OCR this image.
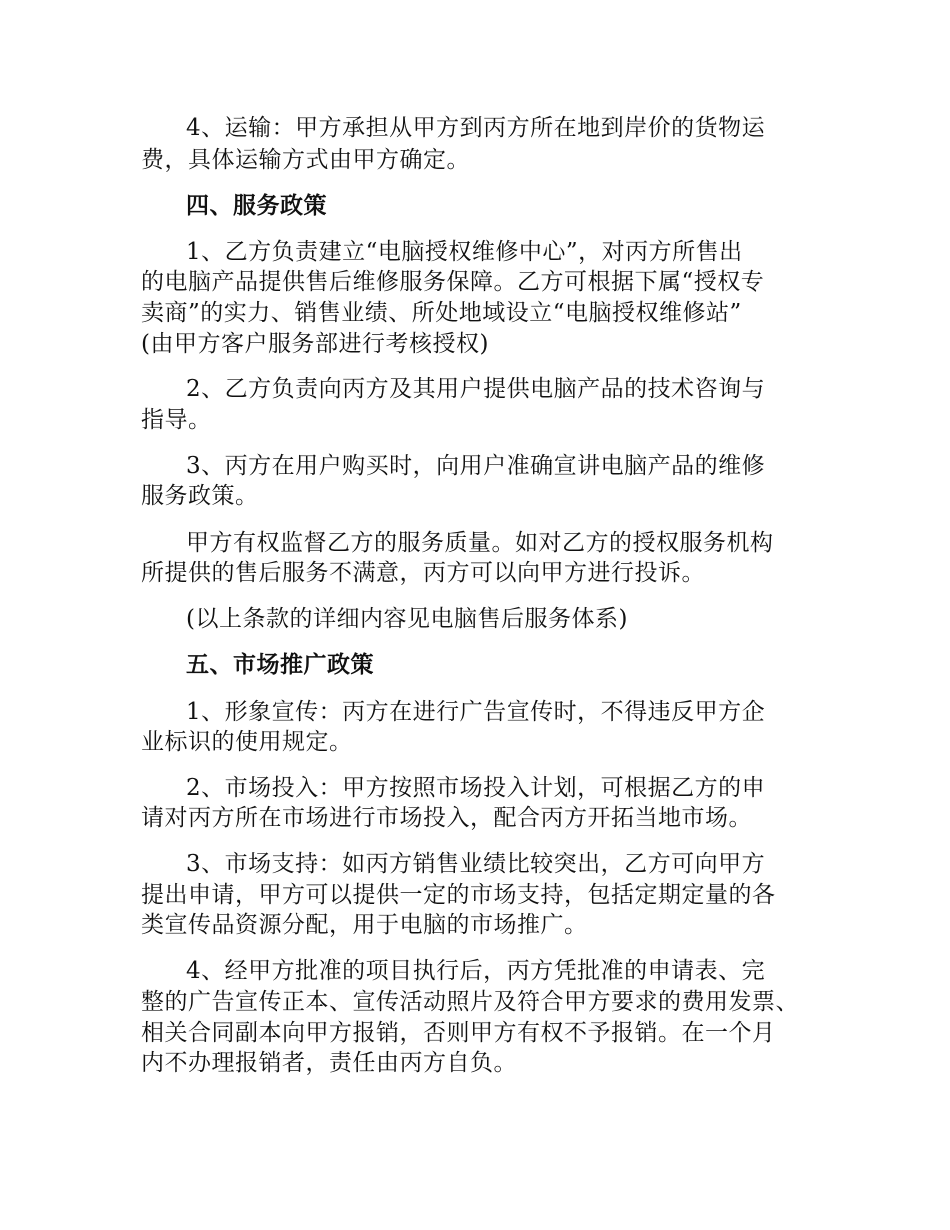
4、运输：甲方承担从甲方到丙方所在地到岸价的货物运
费，具体运输方式由甲方确定。
四、服务政策
1、乙方负责建立“电脑授权维修中心”，对丙方所售出
的电脑产品提供售后维修服务保障。乙方可根据下属“授权专
卖商”的实力、销售业绩、所处地域设立“电脑授权维修站”
(由甲方客户服务部进行考核授权)
2、乙方负责向丙方及其用户提供电脑产品的技术咨询与
指导。
3、丙方在用户购买时，向用户准确宣讲电脑产品的维修
服务政策。
甲方有权监督乙方的服务质量。如对乙方的授权服务机构
所提供的售后服务不满意，丙方可以向甲方进行投诉。
(以上条款的详细内容见电脑售后服务体系)
五、市场推广政策
1、形象宣传：丙方在进行广告宣传时，不得违反甲方企
业标识的使用规定。
2、市场投入：甲方按照市场投入计划，可根据乙方的申
请对丙方所在市场进行市场投入，配合丙方开拓当地市场。
3、市场支持：如丙方销售业绩比较突出，乙方可向甲方
提出申请，甲方可以提供一定的市场支持，包括定期定量的各
类宣传品资源分配，用于电脑的市场推广。
4、经甲方批准的项目执行后，丙方凭批准的申请表、完
整的广告宣传正本、宣传活动照片及符合甲方要求的费用发票、
相关合同副本向甲方报销，否则甲方有权不予报销。在一个月
内不办理报销者，责任由丙方自负。
